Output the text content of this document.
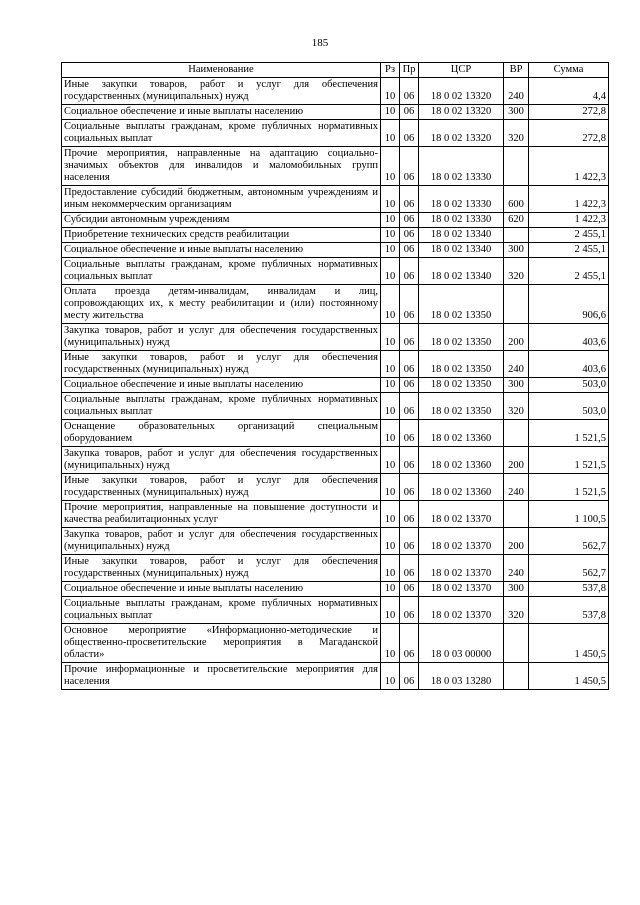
185
Наименование	Рз	Пр	ЦСР	ВР	Сумма
Иные закупки товаров, работ и услуг для обеспечения государственных (муниципальных) нужд	10	06	18 0 02 13320	240	4,4
Социальное обеспечение и иные выплаты населению	10	06	18 0 02 13320	300	272,8
Социальные выплаты гражданам, кроме публичных нормативных социальных выплат	10	06	18 0 02 13320	320	272,8
Прочие мероприятия, направленные на адаптацию социально-значимых объектов для инвалидов и маломобильных групп населения	10	06	18 0 02 13330		1 422,3
Предоставление субсидий бюджетным, автономным учреждениям и иным некоммерческим организациям	10	06	18 0 02 13330	600	1 422,3
Субсидии автономным учреждениям	10	06	18 0 02 13330	620	1 422,3
Приобретение технических средств реабилитации	10	06	18 0 02 13340		2 455,1
Социальное обеспечение и иные выплаты населению	10	06	18 0 02 13340	300	2 455,1
Социальные выплаты гражданам, кроме публичных нормативных социальных выплат	10	06	18 0 02 13340	320	2 455,1
Оплата проезда детям-инвалидам, инвалидам и лиц, сопровождающих их, к месту реабилитации и (или) постоянному месту жительства	10	06	18 0 02 13350		906,6
Закупка товаров, работ и услуг для обеспечения государственных (муниципальных) нужд	10	06	18 0 02 13350	200	403,6
Иные закупки товаров, работ и услуг для обеспечения государственных (муниципальных) нужд	10	06	18 0 02 13350	240	403,6
Социальное обеспечение и иные выплаты населению	10	06	18 0 02 13350	300	503,0
Социальные выплаты гражданам, кроме публичных нормативных социальных выплат	10	06	18 0 02 13350	320	503,0
Оснащение образовательных организаций специальным оборудованием	10	06	18 0 02 13360		1 521,5
Закупка товаров, работ и услуг для обеспечения государственных (муниципальных) нужд	10	06	18 0 02 13360	200	1 521,5
Иные закупки товаров, работ и услуг для обеспечения государственных (муниципальных) нужд	10	06	18 0 02 13360	240	1 521,5
Прочие мероприятия, направленные на повышение доступности и качества реабилитационных услуг	10	06	18 0 02 13370		1 100,5
Закупка товаров, работ и услуг для обеспечения государственных (муниципальных) нужд	10	06	18 0 02 13370	200	562,7
Иные закупки товаров, работ и услуг для обеспечения государственных (муниципальных) нужд	10	06	18 0 02 13370	240	562,7
Социальное обеспечение и иные выплаты населению	10	06	18 0 02 13370	300	537,8
Социальные выплаты гражданам, кроме публичных нормативных социальных выплат	10	06	18 0 02 13370	320	537,8
Основное мероприятие «Информационно-методические и общественно-просветительские мероприятия в Магаданской области»	10	06	18 0 03 00000		1 450,5
Прочие информационные и просветительские мероприятия для населения	10	06	18 0 03 13280		1 450,5
